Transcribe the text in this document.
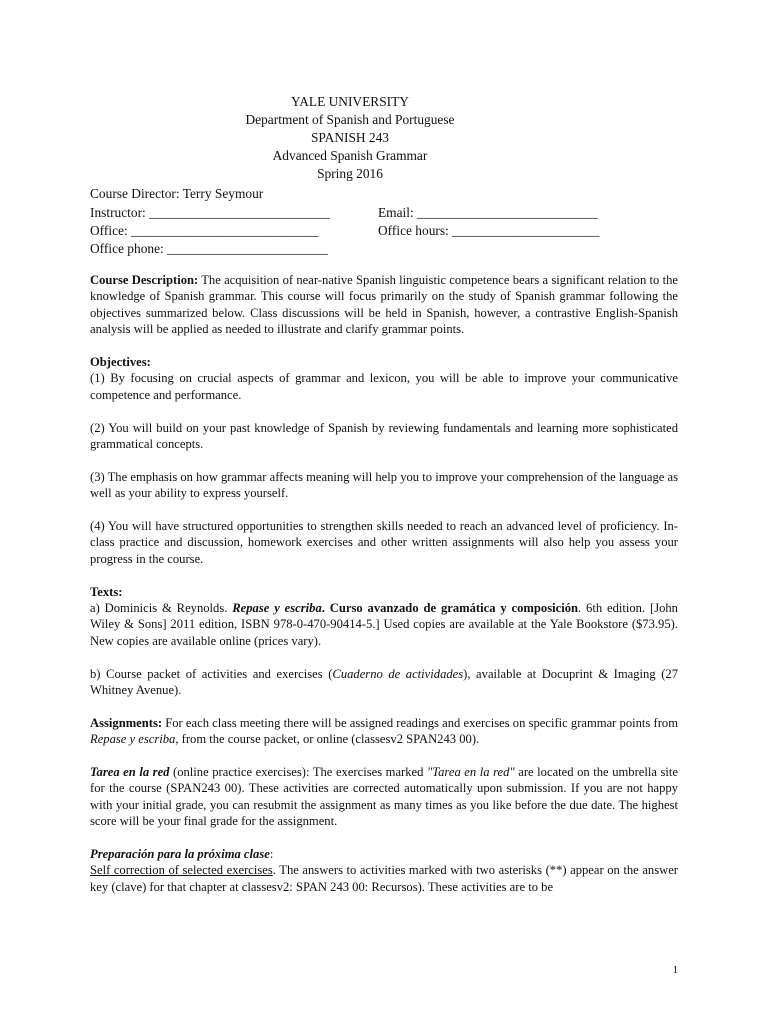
YALE UNIVERSITY
Department of Spanish and Portuguese
SPANISH 243
Advanced Spanish Grammar
Spring 2016
Course Director: Terry Seymour
Instructor: ___________________________	Email: ___________________________
Office: ____________________________	Office hours: ______________________
Office phone: ________________________

Course Description: The acquisition of near-native Spanish linguistic competence bears a significant relation to the knowledge of Spanish grammar. This course will focus primarily on the study of Spanish grammar following the objectives summarized below. Class discussions will be held in Spanish, however, a contrastive English-Spanish analysis will be applied as needed to illustrate and clarify grammar points.

Objectives:

(1) By focusing on crucial aspects of grammar and lexicon, you will be able to improve your communicative competence and performance.

(2) You will build on your past knowledge of Spanish by reviewing fundamentals and learning more sophisticated grammatical concepts.

(3) The emphasis on how grammar affects meaning will help you to improve your comprehension of the language as well as your ability to express yourself.

(4) You will have structured opportunities to strengthen skills needed to reach an advanced level of proficiency. In-class practice and discussion, homework exercises and other written assignments will also help you assess your progress in the course.

Texts:

a) Dominicis & Reynolds. Repase y escriba. Curso avanzado de gramática y composición. 6th edition. [John Wiley & Sons] 2011 edition, ISBN 978-0-470-90414-5.] Used copies are available at the Yale Bookstore ($73.95). New copies are available online (prices vary).

b) Course packet of activities and exercises (Cuaderno de actividades), available at Docuprint & Imaging (27 Whitney Avenue).

Assignments: For each class meeting there will be assigned readings and exercises on specific grammar points from Repase y escriba, from the course packet, or online (classesv2 SPAN243 00).

Tarea en la red (online practice exercises): The exercises marked "Tarea en la red" are located on the umbrella site for the course (SPAN243 00). These activities are corrected automatically upon submission. If you are not happy with your initial grade, you can resubmit the assignment as many times as you like before the due date. The highest score will be your final grade for the assignment.

Preparación para la próxima clase:
Self correction of selected exercises. The answers to activities marked with two asterisks (**) appear on the answer key (clave) for that chapter at classesv2: SPAN 243 00: Recursos). These activities are to be
1
